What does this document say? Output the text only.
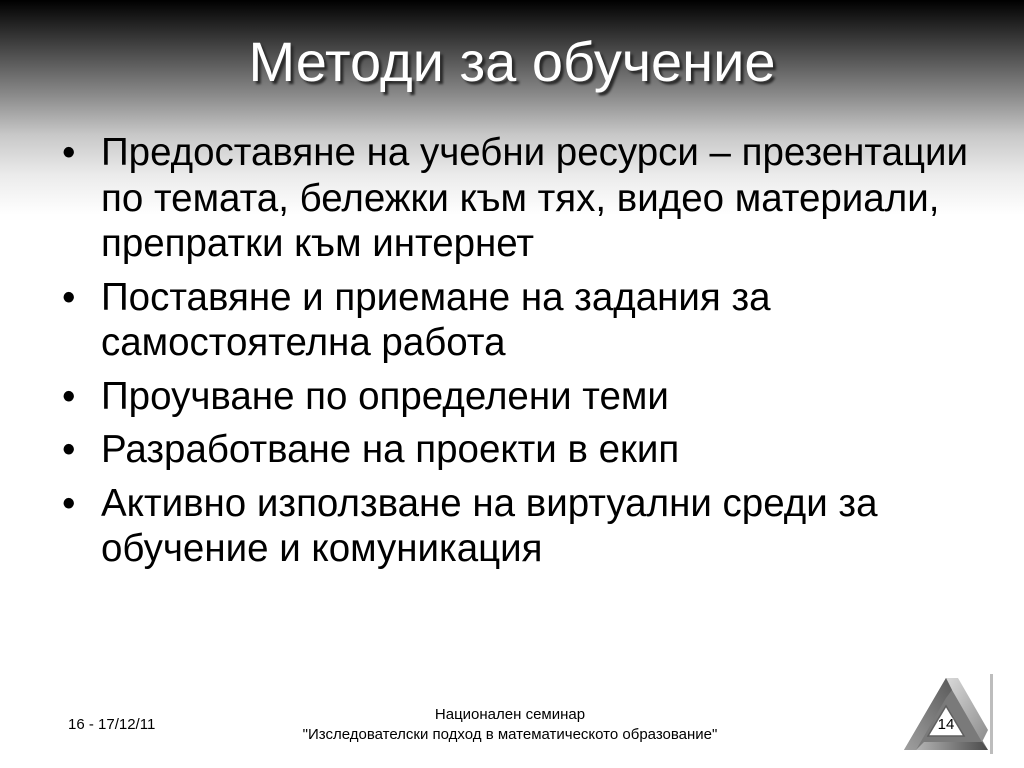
Методи за обучение
• Предоставяне на учебни ресурси – презентации по темата, бележки към тях, видео материали, препратки към интернет
• Поставяне и приемане на задания за самостоятелна работа
• Проучване по определени теми
• Разработване на проекти в екип
• Активно използване на виртуални среди за обучение и комуникация
16 - 17/12/11
Национален семинар
"Изследователски подход в математическото образование"
14
